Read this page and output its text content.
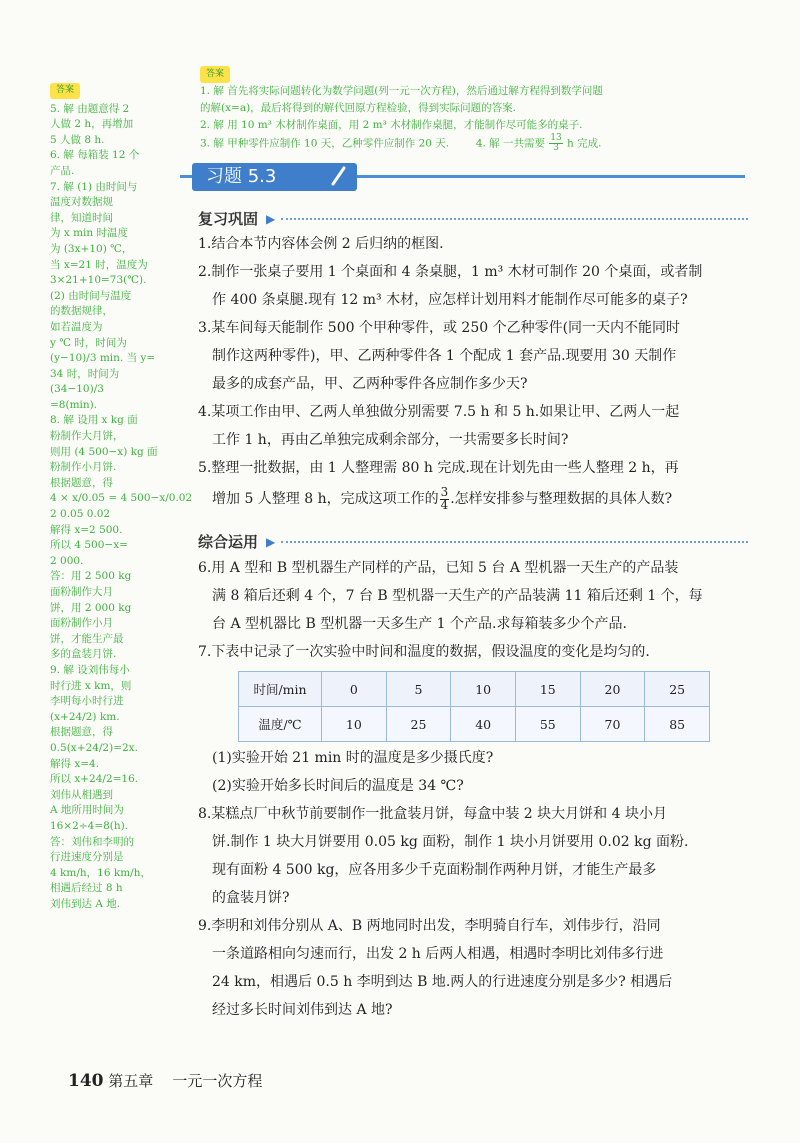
答案
5. 解 由题意得 2
人做 2 h，再增加
5 人做 8 h.
6. 解 每箱装 12 个
产品.
7. 解 (1) 由时间与
温度对数据规
律，知道时间
为 x min 时温度
为 (3x+10) ℃，
当 x=21 时，温度为
3×21+10=73(℃).
(2) 由时间与温度
的数据规律，
如若温度为
y ℃ 时，时间为
(y−10)/3 min. 当 y=
34 时，时间为
(34−10)/3
=8(min).
8. 解 设用 x kg 面
粉制作大月饼，
则用 (4 500−x) kg 面
粉制作小月饼.
根据题意，得
4 × x/0.05 = 4 500−x/0.02
2 0.05 0.02
解得 x=2 500.
所以 4 500−x=
2 000.
答：用 2 500 kg
面粉制作大月
饼，用 2 000 kg
面粉制作小月
饼，才能生产最
多的盒装月饼.
9. 解 设刘伟每小
时行进 x km，则
李明每小时行进
(x+24/2) km.
根据题意，得
0.5(x+24/2)=2x.
解得 x=4.
所以 x+24/2=16.
刘伟从相遇到
A 地所用时间为
16×2÷4=8(h).
答：刘伟和李明的
行进速度分别是
4 km/h，16 km/h，
相遇后经过 8 h
刘伟到达 A 地.
答案
1. 解 首先将实际问题转化为数学问题(列一元一次方程)，然后通过解方程得到数学问题
的解(x=a)，最后将得到的解代回原方程检验，得到实际问题的答案.
2. 解 用 10 m³ 木材制作桌面，用 2 m³ 木材制作桌腿，才能制作尽可能多的桌子.
3. 解 甲种零件应制作 10 天，乙种零件应制作 20 天.	4. 解 一共需要 $\frac{13}{3}$ h 完成.
习题 5.3
复习巩固 ▶
1.结合本节内容体会例 2 后归纳的框图.
2.制作一张桌子要用 1 个桌面和 4 条桌腿，1 m³ 木材可制作 20 个桌面，或者制
作 400 条桌腿.现有 12 m³ 木材，应怎样计划用料才能制作尽可能多的桌子?
3.某车间每天能制作 500 个甲种零件，或 250 个乙种零件(同一天内不能同时
制作这两种零件)，甲、乙两种零件各 1 个配成 1 套产品.现要用 30 天制作
最多的成套产品，甲、乙两种零件各应制作多少天?
4.某项工作由甲、乙两人单独做分别需要 7.5 h 和 5 h.如果让甲、乙两人一起
工作 1 h，再由乙单独完成剩余部分，一共需要多长时间?
5.整理一批数据，由 1 人整理需 80 h 完成.现在计划先由一些人整理 2 h，再
增加 5 人整理 8 h，完成这项工作的 $\frac{3}{4}$ .怎样安排参与整理数据的具体人数?
综合运用 ▶
6.用 A 型和 B 型机器生产同样的产品，已知 5 台 A 型机器一天生产的产品装
满 8 箱后还剩 4 个，7 台 B 型机器一天生产的产品装满 11 箱后还剩 1 个，每
台 A 型机器比 B 型机器一天多生产 1 个产品.求每箱装多少个产品.
7.下表中记录了一次实验中时间和温度的数据，假设温度的变化是均匀的.
时间/min	0	5	10	15	20	25
温度/℃	10	25	40	55	70	85
(1)实验开始 21 min 时的温度是多少摄氏度?
(2)实验开始多长时间后的温度是 34 ℃?
8.某糕点厂中秋节前要制作一批盒装月饼，每盒中装 2 块大月饼和 4 块小月
饼.制作 1 块大月饼要用 0.05 kg 面粉，制作 1 块小月饼要用 0.02 kg 面粉.
现有面粉 4 500 kg，应各用多少千克面粉制作两种月饼，才能生产最多
的盒装月饼?
9.李明和刘伟分别从 A、B 两地同时出发，李明骑自行车，刘伟步行，沿同
一条道路相向匀速而行，出发 2 h 后两人相遇，相遇时李明比刘伟多行进
24 km，相遇后 0.5 h 李明到达 B 地.两人的行进速度分别是多少? 相遇后
经过多长时间刘伟到达 A 地?
140 第五章 一元一次方程
